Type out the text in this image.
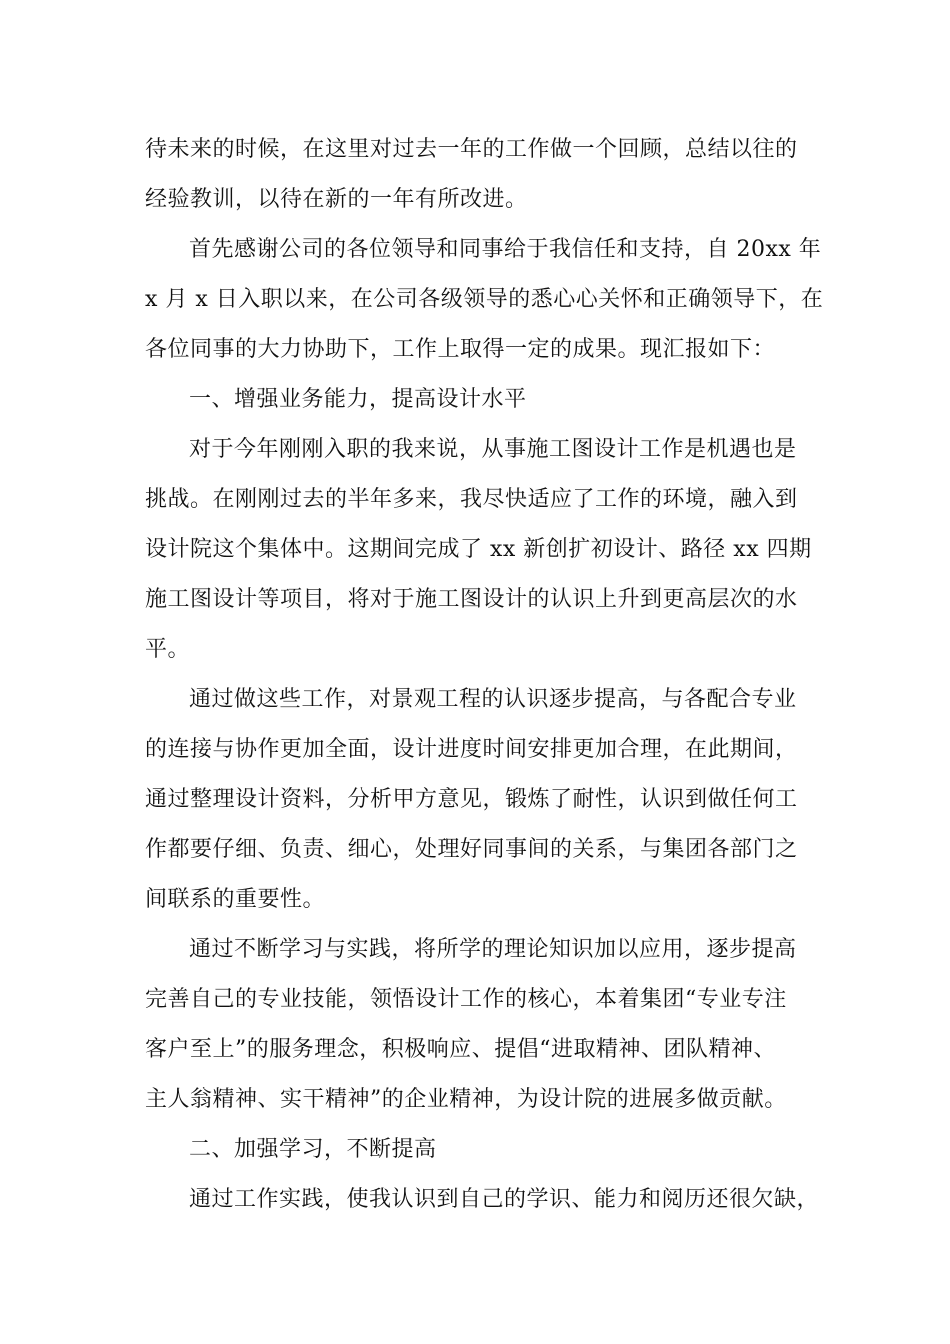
待未来的时候，在这里对过去一年的工作做一个回顾，总结以往的
经验教训，以待在新的一年有所改进。
首先感谢公司的各位领导和同事给于我信任和支持，自 20xx 年
x 月 x 日入职以来，在公司各级领导的悉心心关怀和正确领导下，在
各位同事的大力协助下，工作上取得一定的成果。现汇报如下：
一、增强业务能力，提高设计水平
对于今年刚刚入职的我来说，从事施工图设计工作是机遇也是
挑战。在刚刚过去的半年多来，我尽快适应了工作的环境，融入到
设计院这个集体中。这期间完成了 xx 新创扩初设计、路径 xx 四期
施工图设计等项目，将对于施工图设计的认识上升到更高层次的水
平。
通过做这些工作，对景观工程的认识逐步提高，与各配合专业
的连接与协作更加全面，设计进度时间安排更加合理，在此期间，
通过整理设计资料，分析甲方意见，锻炼了耐性，认识到做任何工
作都要仔细、负责、细心，处理好同事间的关系，与集团各部门之
间联系的重要性。
通过不断学习与实践，将所学的理论知识加以应用，逐步提高
完善自己的专业技能，领悟设计工作的核心，本着集团“专业专注
客户至上”的服务理念，积极响应、提倡“进取精神、团队精神、
主人翁精神、实干精神”的企业精神，为设计院的进展多做贡献。
二、加强学习，不断提高
通过工作实践，使我认识到自己的学识、能力和阅历还很欠缺，
